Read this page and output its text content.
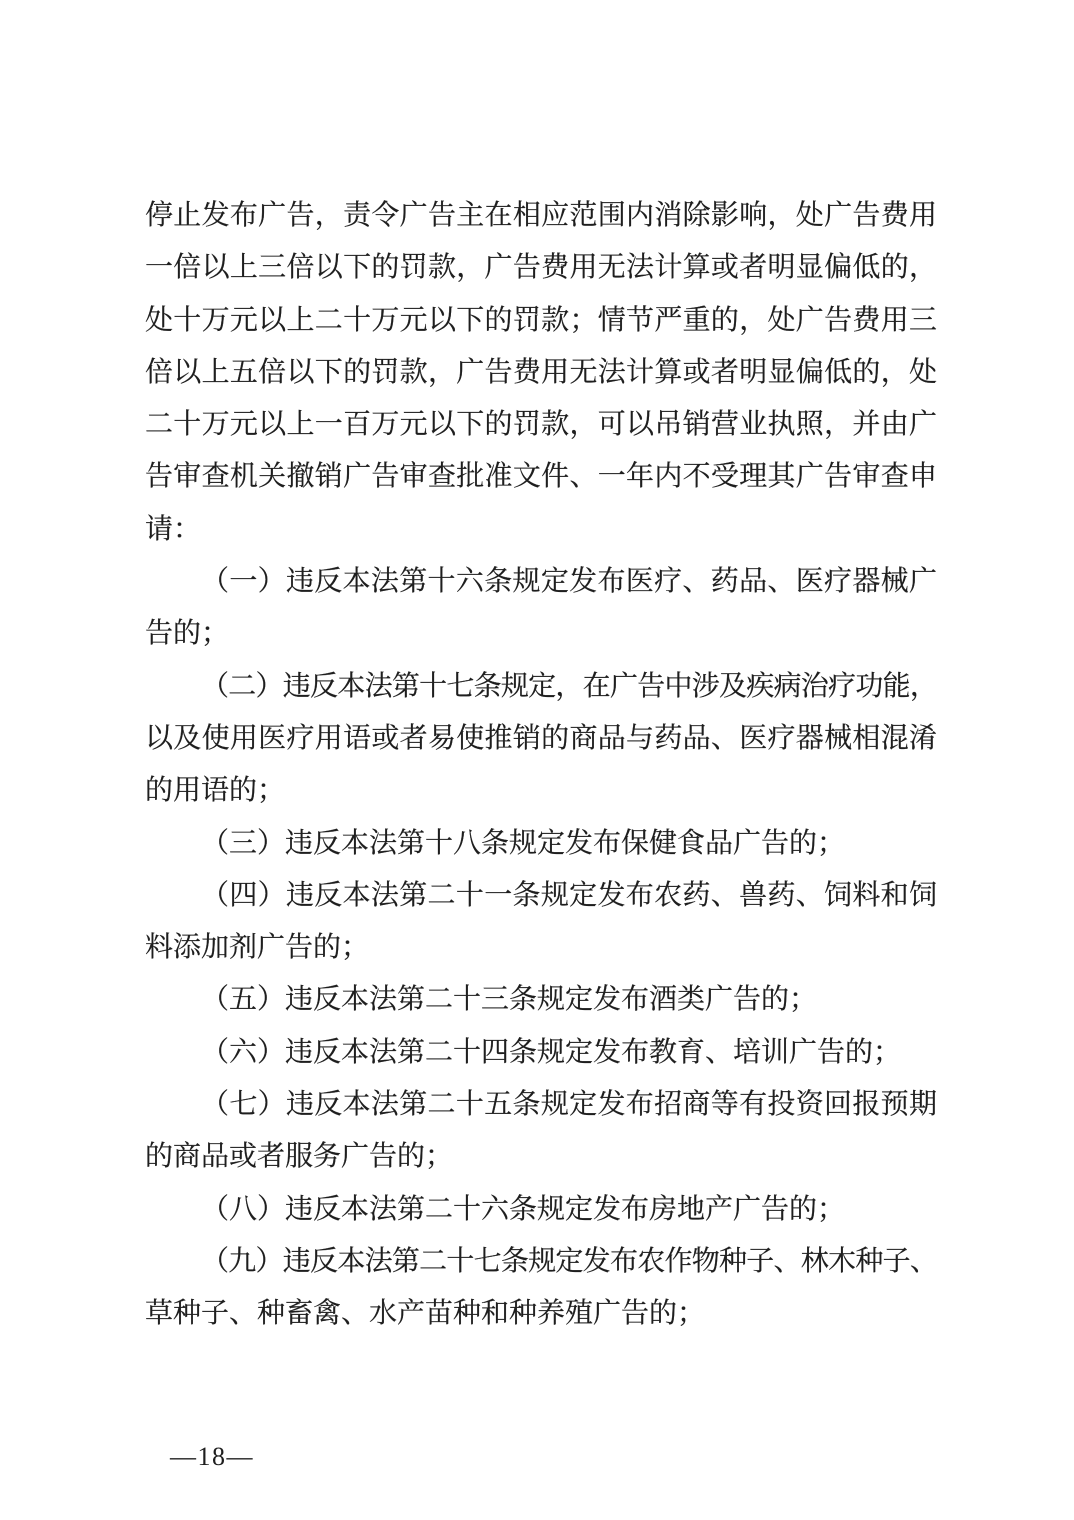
停止发布广告，责令广告主在相应范围内消除影响，处广告费用
一倍以上三倍以下的罚款，广告费用无法计算或者明显偏低的，
处十万元以上二十万元以下的罚款；情节严重的，处广告费用三
倍以上五倍以下的罚款，广告费用无法计算或者明显偏低的，处
二十万元以上一百万元以下的罚款，可以吊销营业执照，并由广
告审查机关撤销广告审查批准文件、一年内不受理其广告审查申
请：
（一）违反本法第十六条规定发布医疗、药品、医疗器械广
告的；
（二）违反本法第十七条规定，在广告中涉及疾病治疗功能，
以及使用医疗用语或者易使推销的商品与药品、医疗器械相混淆
的用语的；
（三）违反本法第十八条规定发布保健食品广告的；
（四）违反本法第二十一条规定发布农药、兽药、饲料和饲
料添加剂广告的；
（五）违反本法第二十三条规定发布酒类广告的；
（六）违反本法第二十四条规定发布教育、培训广告的；
（七）违反本法第二十五条规定发布招商等有投资回报预期
的商品或者服务广告的；
（八）违反本法第二十六条规定发布房地产广告的；
（九）违反本法第二十七条规定发布农作物种子、林木种子、
草种子、种畜禽、水产苗种和种养殖广告的；
—18—
